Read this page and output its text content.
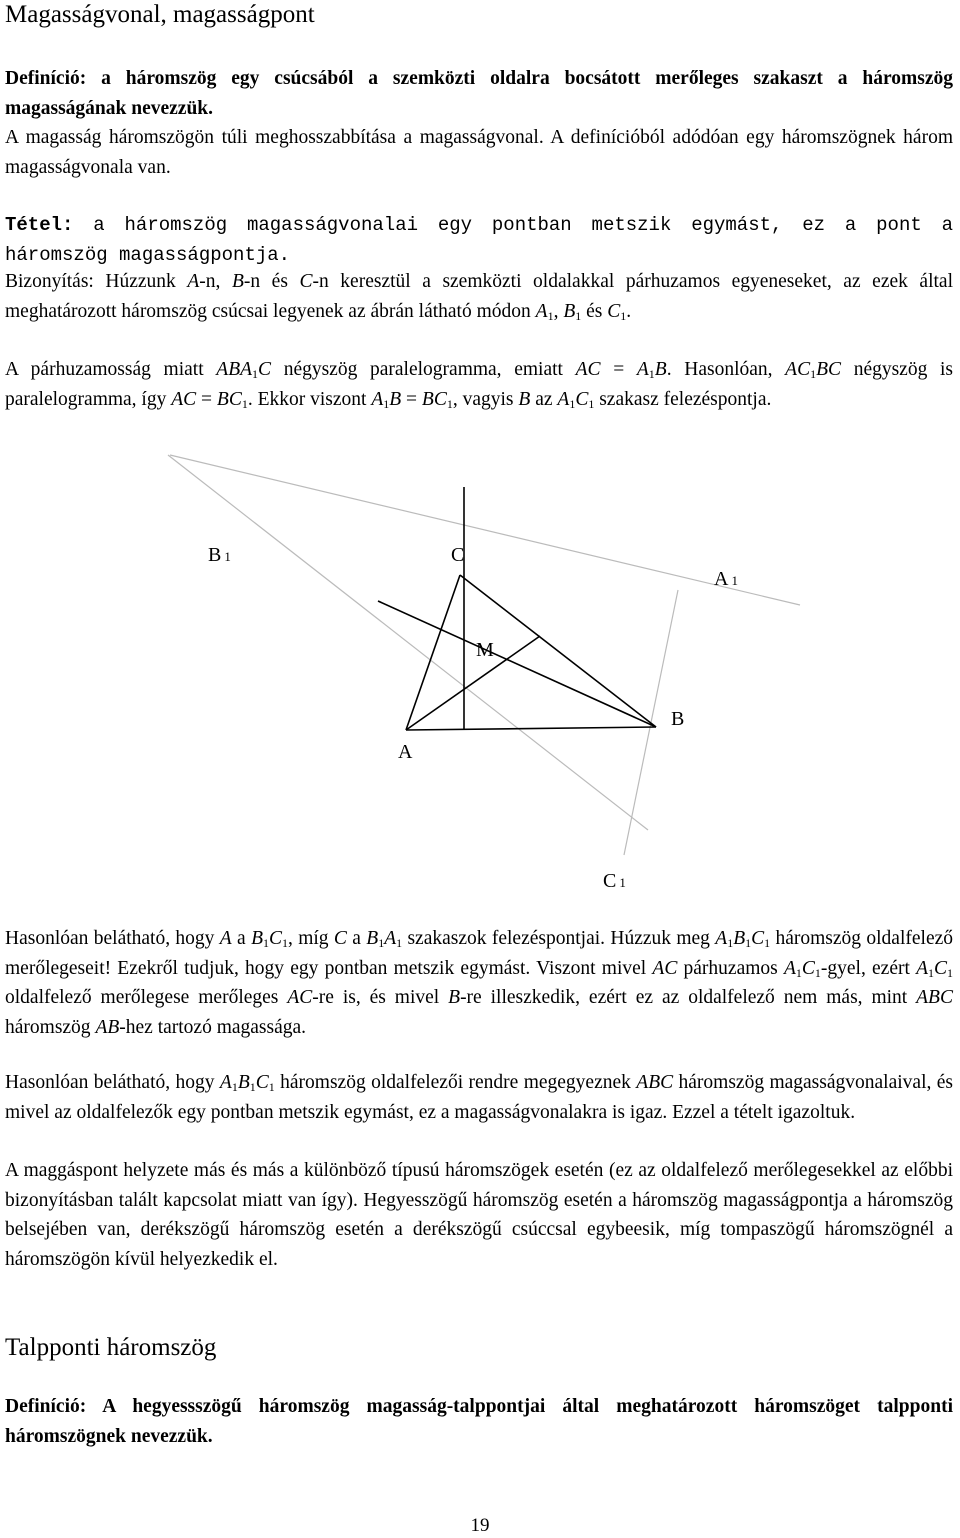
Magasságvonal, magasságpont

Definíció: a háromszög egy csúcsából a szemközti oldalra bocsátott merőleges szakaszt a háromszög magasságának nevezzük.

A magasság háromszögön túli meghosszabbítása a magasságvonal. A definícióból adódóan egy háromszögnek három magasságvonala van.

Tétel: a háromszög magasságvonalai egy pontban metszik egymást, ez a pont a háromszög magasságpontja.

Bizonyítás: Húzzunk A-n, B-n és C-n keresztül a szemközti oldalakkal párhuzamos egyeneseket, az ezek által meghatározott háromszög csúcsai legyenek az ábrán látható módon $A_1$, $B_1$ és $C_1$.

A párhuzamosság miatt $ABA_1C$ négyszög paralelogramma, emiatt AC = $A_1B$. Hasonlóan, $AC_1BC$ négyszög is paralelogramma, így AC = $BC_1$. Ekkor viszont $A_1B = BC_1$, vagyis B az $A_1C_1$ szakasz felezéspontja.

B 1	C
A 1
M
B
A
C 1

Hasonlóan belátható, hogy A a $B_1C_1$, míg C a $B_1A_1$ szakaszok felezéspontjai. Húzzuk meg $A_1B_1C_1$ háromszög oldalfelező merőlegeseit! Ezekről tudjuk, hogy egy pontban metszik egymást. Viszont mivel AC párhuzamos $A_1C_1$-gyel, ezért $A_1C_1$ oldalfelező merőlegese merőleges AC-re is, és mivel B-re illeszkedik, ezért ez az oldalfelező nem más, mint ABC háromszög AB-hez tartozó magassága.

Hasonlóan belátható, hogy $A_1B_1C_1$ háromszög oldalfelezői rendre megegyeznek ABC háromszög magasságvonalaival, és mivel az oldalfelezők egy pontban metszik egymást, ez a magasságvonalakra is igaz. Ezzel a tételt igazoltuk.

A maggáspont helyzete más és más a különböző típusú háromszögek esetén (ez az oldalfelező merőlegesekkel az előbbi bizonyításban talált kapcsolat miatt van így). Hegyesszögű háromszög esetén a háromszög magasságpontja a háromszög belsejében van, derékszögű háromszög esetén a derékszögű csúccsal egybeesik, míg tompaszögű háromszögnél a háromszögön kívül helyezkedik el.

Talpponti háromszög

Definíció: A hegyessszögű háromszög magasság-talppontjai által meghatározott háromszöget talpponti háromszögnek nevezzük.

19
